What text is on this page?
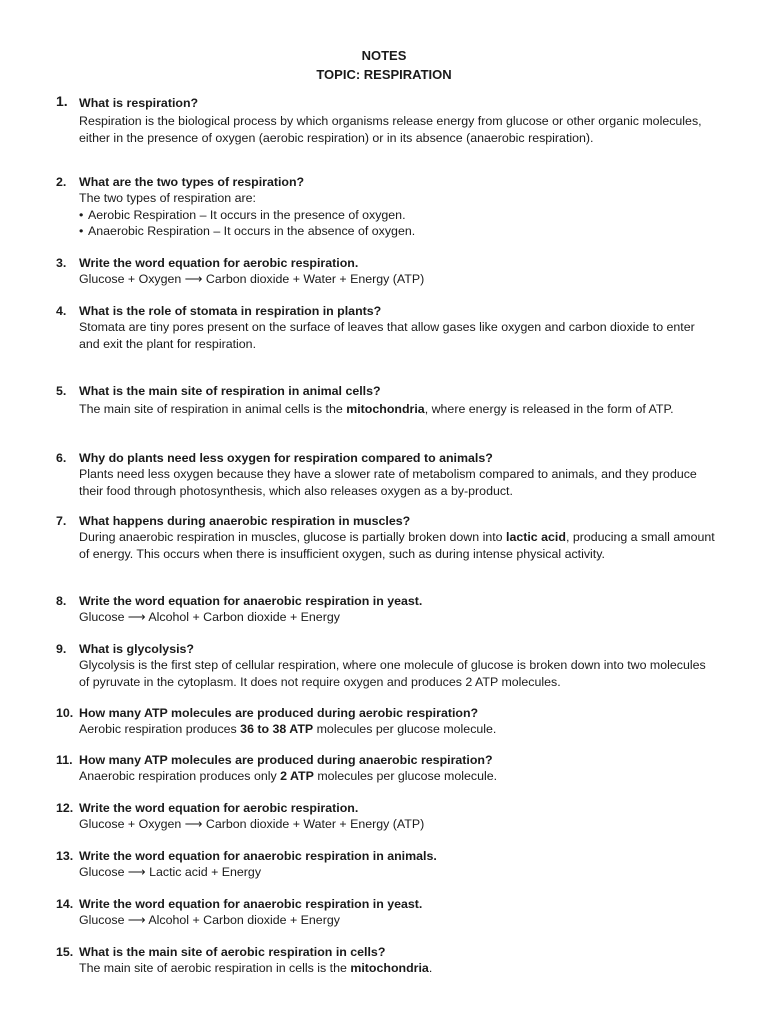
NOTES
TOPIC: RESPIRATION
1. What is respiration?
Respiration is the biological process by which organisms release energy from glucose or other organic molecules, either in the presence of oxygen (aerobic respiration) or in its absence (anaerobic respiration).
2. What are the two types of respiration?
The two types of respiration are:
• Aerobic Respiration – It occurs in the presence of oxygen.
• Anaerobic Respiration – It occurs in the absence of oxygen.
3. Write the word equation for aerobic respiration.
Glucose + Oxygen ⟶ Carbon dioxide + Water + Energy (ATP)
4. What is the role of stomata in respiration in plants?
Stomata are tiny pores present on the surface of leaves that allow gases like oxygen and carbon dioxide to enter and exit the plant for respiration.
5. What is the main site of respiration in animal cells?
The main site of respiration in animal cells is the mitochondria, where energy is released in the form of ATP.
6. Why do plants need less oxygen for respiration compared to animals?
Plants need less oxygen because they have a slower rate of metabolism compared to animals, and they produce their food through photosynthesis, which also releases oxygen as a by-product.
7. What happens during anaerobic respiration in muscles?
During anaerobic respiration in muscles, glucose is partially broken down into lactic acid, producing a small amount of energy. This occurs when there is insufficient oxygen, such as during intense physical activity.
8. Write the word equation for anaerobic respiration in yeast.
Glucose ⟶ Alcohol + Carbon dioxide + Energy
9. What is glycolysis?
Glycolysis is the first step of cellular respiration, where one molecule of glucose is broken down into two molecules of pyruvate in the cytoplasm. It does not require oxygen and produces 2 ATP molecules.
10. How many ATP molecules are produced during aerobic respiration?
Aerobic respiration produces 36 to 38 ATP molecules per glucose molecule.
11. How many ATP molecules are produced during anaerobic respiration?
Anaerobic respiration produces only 2 ATP molecules per glucose molecule.
12. Write the word equation for aerobic respiration.
Glucose + Oxygen ⟶ Carbon dioxide + Water + Energy (ATP)
13. Write the word equation for anaerobic respiration in animals.
Glucose ⟶ Lactic acid + Energy
14. Write the word equation for anaerobic respiration in yeast.
Glucose ⟶ Alcohol + Carbon dioxide + Energy
15. What is the main site of aerobic respiration in cells?
The main site of aerobic respiration in cells is the mitochondria.
